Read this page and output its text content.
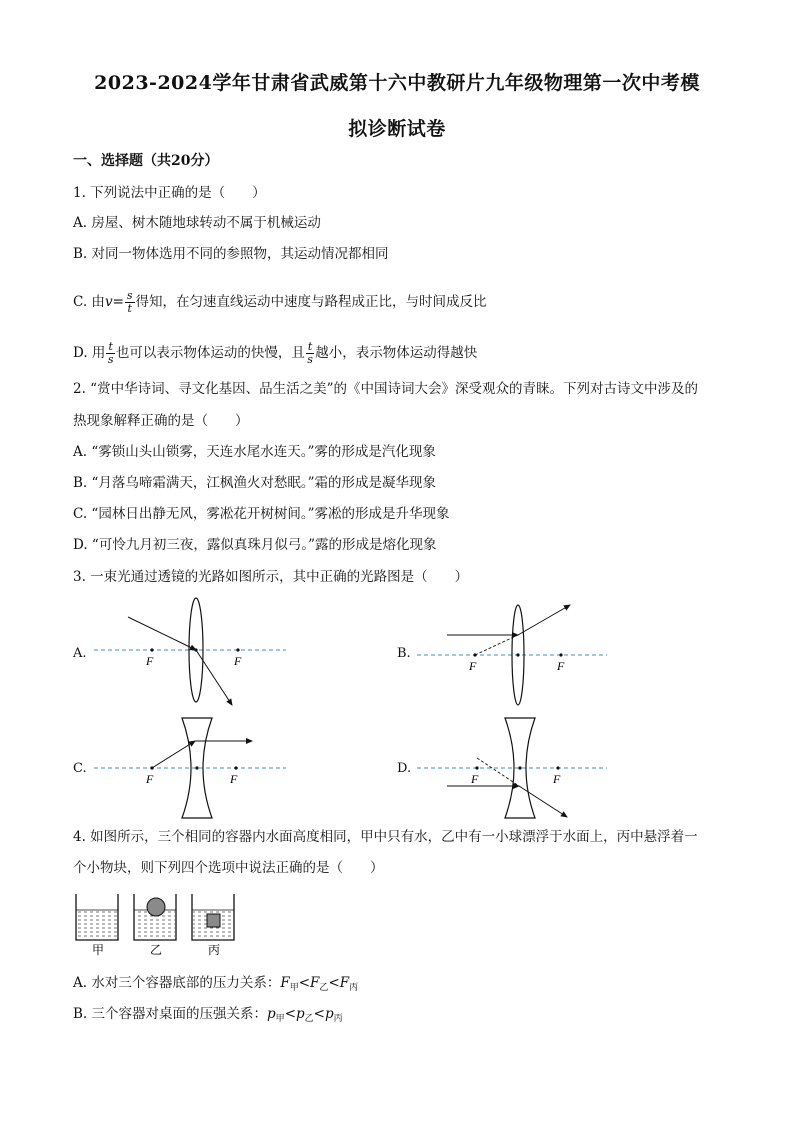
2023-2024学年甘肃省武威第十六中教研片九年级物理第一次中考模
拟诊断试卷
一、选择题（共20分）
1. 下列说法中正确的是（　　）
A. 房屋、树木随地球转动不属于机械运动
B. 对同一物体选用不同的参照物，其运动情况都相同
C. 由$v= \frac{s}{t}$ 得知，在匀速直线运动中速度与路程成正比，与时间成反比
D. 用 $\frac{t}{s}$ 也可以表示物体运动的快慢，且 $\frac{t}{s}$ 越小，表示物体运动得越快
2. “赏中华诗词、寻文化基因、品生活之美”的《中国诗词大会》深受观众的青睐。下列对古诗文中涉及的
热现象解释正确的是（　　）
A. “雾锁山头山锁雾，天连水尾水连天。”雾的形成是汽化现象
B. “月落乌啼霜满天，江枫渔火对愁眠。”霜的形成是凝华现象
C. “园林日出静无风，雾凇花开树树间。”雾凇的形成是升华现象
D. “可怜九月初三夜，露似真珠月似弓。”露的形成是熔化现象
3. 一束光通过透镜的光路如图所示，其中正确的光路图是（　　）
A.	B.
C.	D.
F	F	F	F
F	F	F	F
4. 如图所示，三个相同的容器内水面高度相同，甲中只有水，乙中有一小球漂浮于水面上，丙中悬浮着一
个小物块，则下列四个选项中说法正确的是（　　）
甲	乙	丙
A. 水对三个容器底部的压力关系：$F_甲<F_乙<F_丙$
B. 三个容器对桌面的压强关系：$p_甲<p_乙<p_丙$
